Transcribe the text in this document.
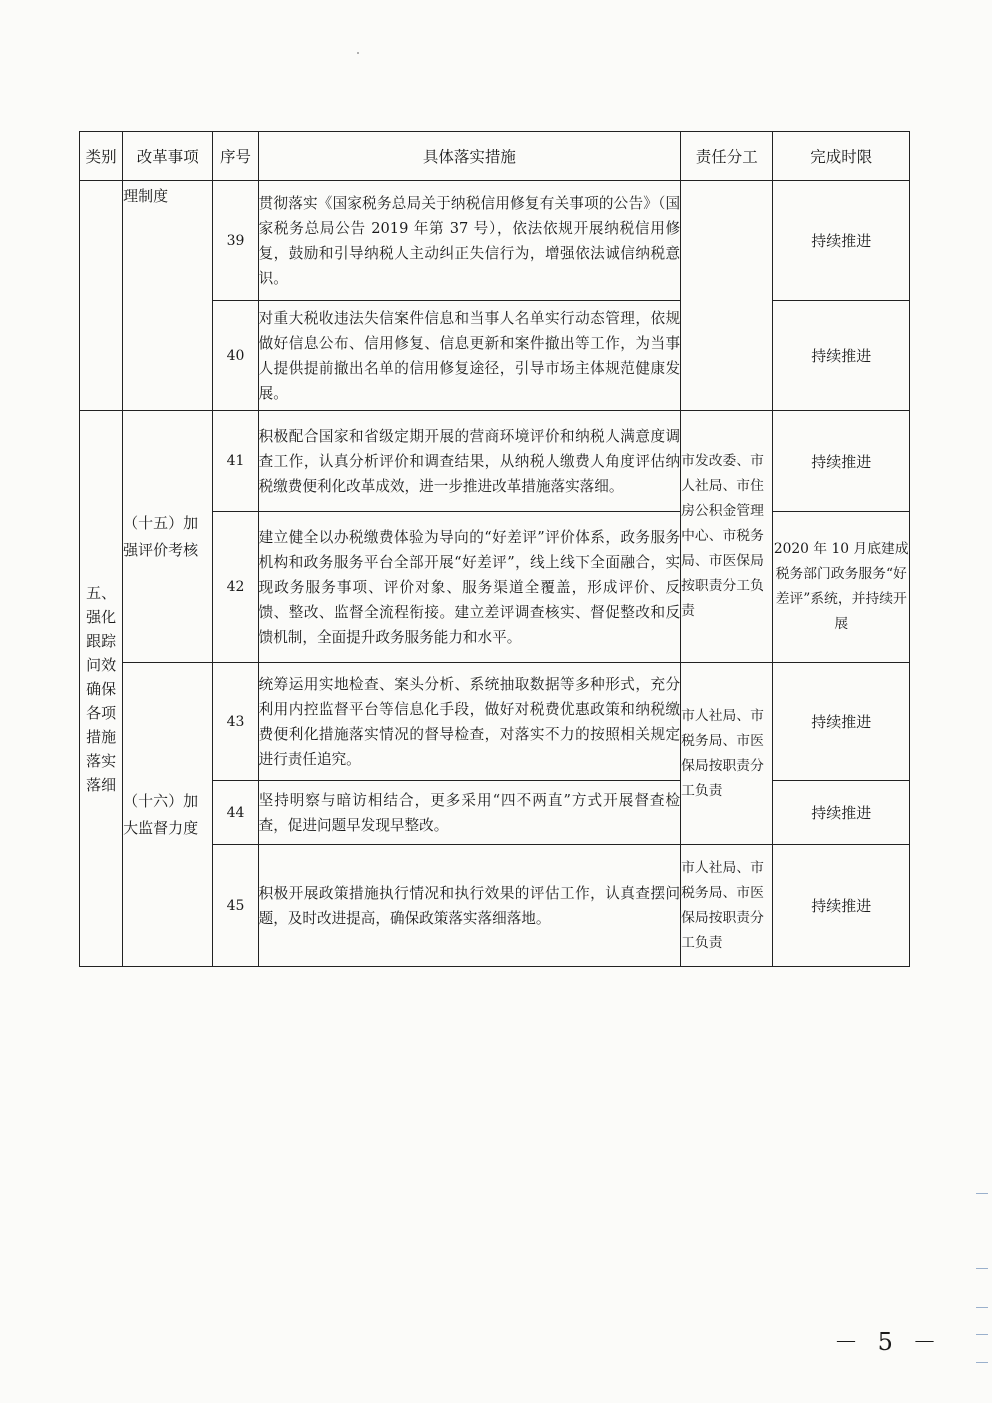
类别	改革事项	序号	具体落实措施	责任分工	完成时限
	理制度	39	贯彻落实《国家税务总局关于纳税信用修复有关事项的公告》（国家税务总局公告 2019 年第 37 号），依法依规开展纳税信用修复，鼓励和引导纳税人主动纠正失信行为，增强依法诚信纳税意识。		持续推进
		40	对重大税收违法失信案件信息和当事人名单实行动态管理，依规做好信息公布、信用修复、信息更新和案件撤出等工作，为当事人提供提前撤出名单的信用修复途径，引导市场主体规范健康发展。		持续推进
五、强化跟踪问效确保各项措施落实落细	（十五）加强评价考核	41	积极配合国家和省级定期开展的营商环境评价和纳税人满意度调查工作，认真分析评价和调查结果，从纳税人缴费人角度评估纳税缴费便利化改革成效，进一步推进改革措施落实落细。	市发改委、市人社局、市住房公积金管理中心、市税务局、市医保局按职责分工负责	持续推进
		42	建立健全以办税缴费体验为导向的“好差评”评价体系，政务服务机构和政务服务平台全部开展“好差评”，线上线下全面融合，实现政务服务事项、评价对象、服务渠道全覆盖，形成评价、反馈、整改、监督全流程衔接。建立差评调查核实、督促整改和反馈机制，全面提升政务服务能力和水平。		2020 年 10 月底建成税务部门政务服务“好差评”系统，并持续开展
	（十六）加大监督力度	43	统筹运用实地检查、案头分析、系统抽取数据等多种形式，充分利用内控监督平台等信息化手段，做好对税费优惠政策和纳税缴费便利化措施落实情况的督导检查，对落实不力的按照相关规定进行责任追究。	市人社局、市税务局、市医保局按职责分工负责	持续推进
		44	坚持明察与暗访相结合，更多采用“四不两直”方式开展督查检查，促进问题早发现早整改。		持续推进
		45	积极开展政策措施执行情况和执行效果的评估工作，认真查摆问题，及时改进提高，确保政策落实落细落地。	市人社局、市税务局、市医保局按职责分工负责	持续推进
－ 5 －
